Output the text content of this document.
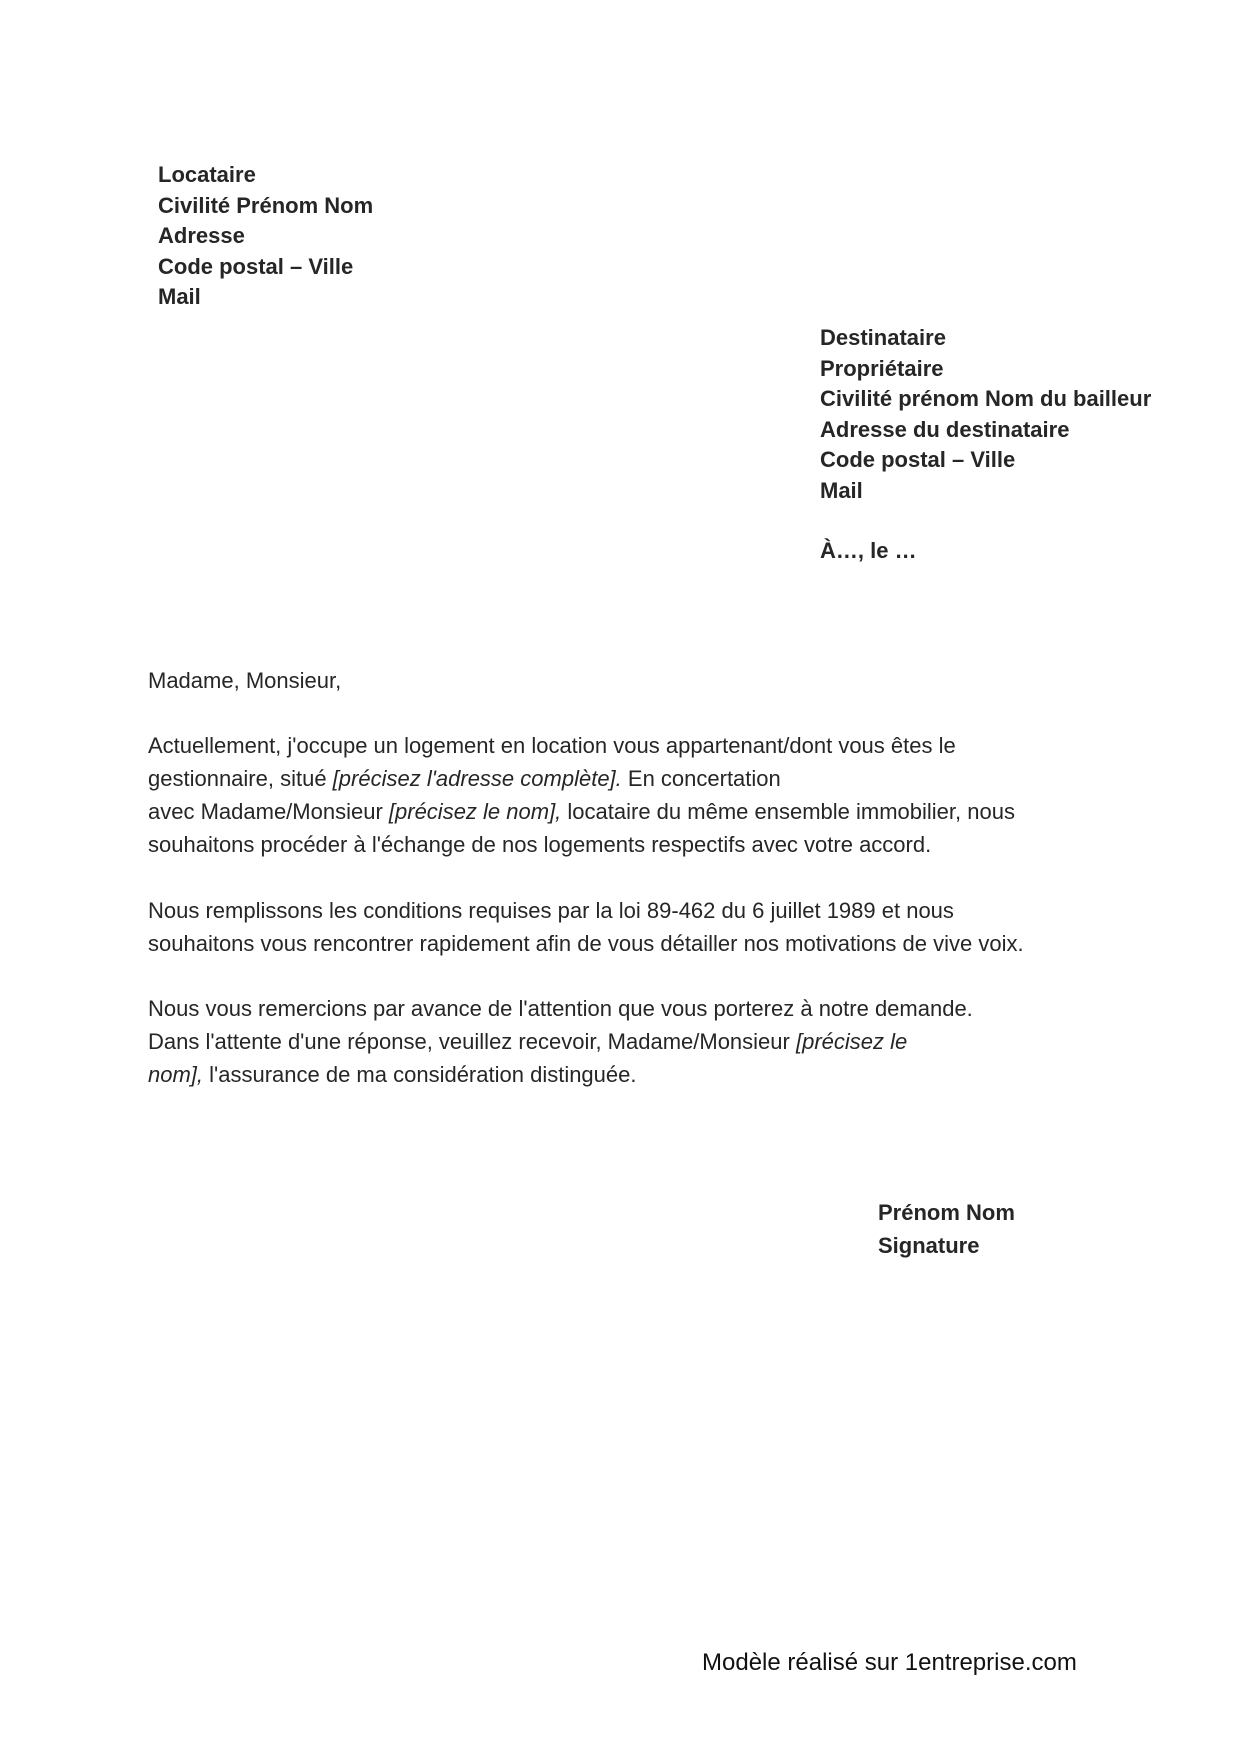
Locataire
Civilité Prénom Nom
Adresse
Code postal – Ville
Mail
Destinataire
Propriétaire
Civilité prénom Nom du bailleur
Adresse du destinataire
Code postal – Ville
Mail
À…, le …
Madame, Monsieur,
Actuellement, j'occupe un logement en location vous appartenant/dont vous êtes le
gestionnaire, situé [précisez l'adresse complète]. En concertation
avec Madame/Monsieur [précisez le nom], locataire du même ensemble immobilier, nous
souhaitons procéder à l'échange de nos logements respectifs avec votre accord.
Nous remplissons les conditions requises par la loi 89-462 du 6 juillet 1989 et nous
souhaitons vous rencontrer rapidement afin de vous détailler nos motivations de vive voix.
Nous vous remercions par avance de l'attention que vous porterez à notre demande.
Dans l'attente d'une réponse, veuillez recevoir, Madame/Monsieur [précisez le
nom], l'assurance de ma considération distinguée.
Prénom Nom
Signature
Modèle réalisé sur 1entreprise.com
